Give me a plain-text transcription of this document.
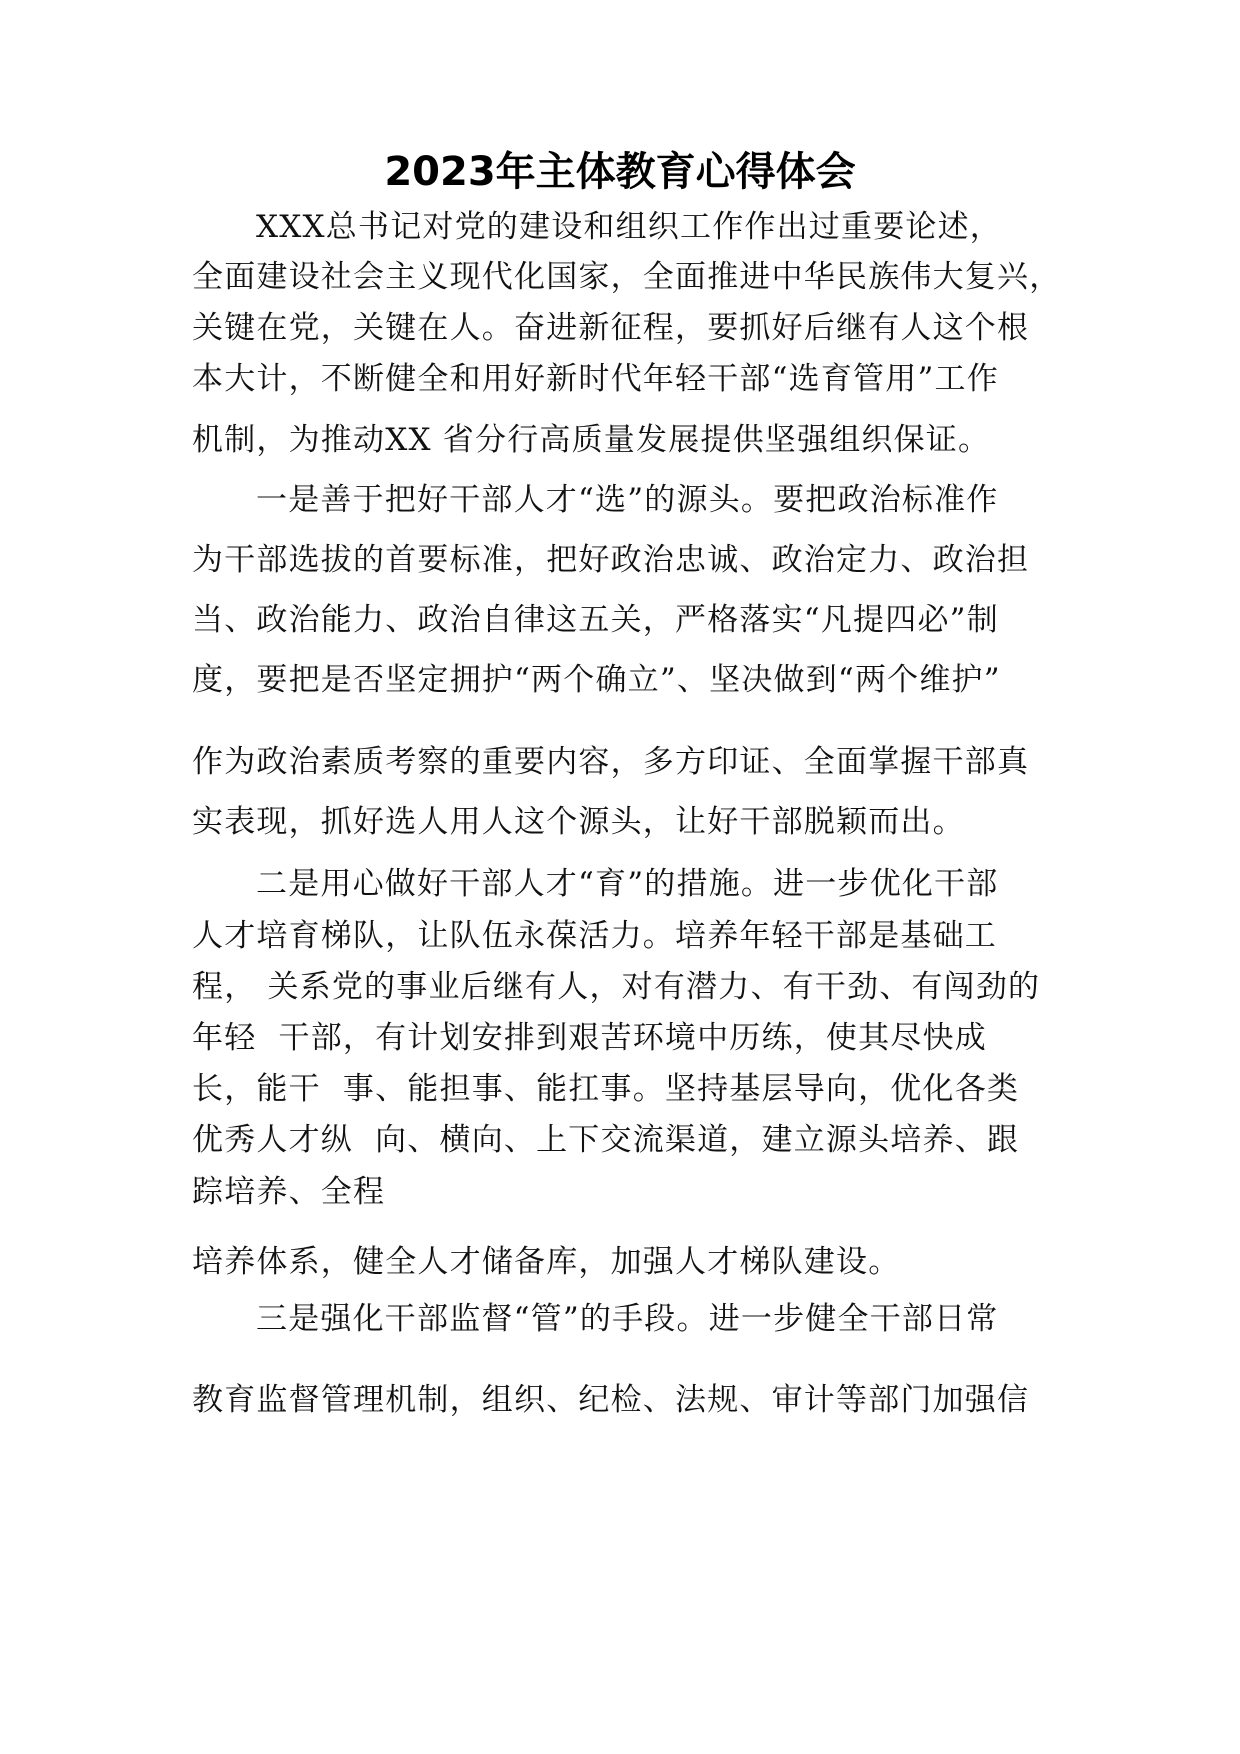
2023年主体教育心得体会
XXX总书记对党的建设和组织工作作出过重要论述，
全面建设社会主义现代化国家，全面推进中华民族伟大复兴，
关键在党，关键在人。奋进新征程，要抓好后继有人这个根
本大计，不断健全和用好新时代年轻干部“选育管用”工作
机制，为推动XX 省分行高质量发展提供坚强组织保证。
一是善于把好干部人才“选”的源头。要把政治标准作
为干部选拔的首要标准，把好政治忠诚、政治定力、政治担
当、政治能力、政治自律这五关，严格落实“凡提四必”制
度，要把是否坚定拥护“两个确立”、坚决做到“两个维护”
作为政治素质考察的重要内容，多方印证、全面掌握干部真
实表现，抓好选人用人这个源头，让好干部脱颖而出。
二是用心做好干部人才“育”的措施。进一步优化干部
人才培育梯队，让队伍永葆活力。培养年轻干部是基础工
程， 关系党的事业后继有人，对有潜力、有干劲、有闯劲的
年轻  干部，有计划安排到艰苦环境中历练，使其尽快成
长，能干  事、能担事、能扛事。坚持基层导向，优化各类
优秀人才纵  向、横向、上下交流渠道，建立源头培养、跟
踪培养、全程
培养体系，健全人才储备库，加强人才梯队建设。
三是强化干部监督“管”的手段。进一步健全干部日常
教育监督管理机制，组织、纪检、法规、审计等部门加强信
